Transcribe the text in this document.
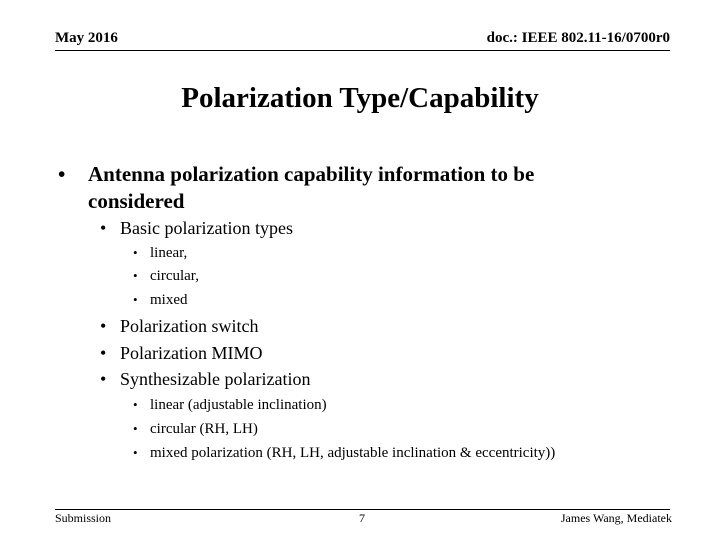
May 2016	doc.: IEEE 802.11-16/0700r0
Polarization Type/Capability
• Antenna polarization capability information to be
considered
• Basic polarization types
• linear,
• circular,
• mixed
• Polarization switch
• Polarization MIMO
• Synthesizable polarization
• linear (adjustable inclination)
• circular (RH, LH)
• mixed polarization (RH, LH, adjustable inclination & eccentricity))
Submission	7	James Wang, Mediatek
